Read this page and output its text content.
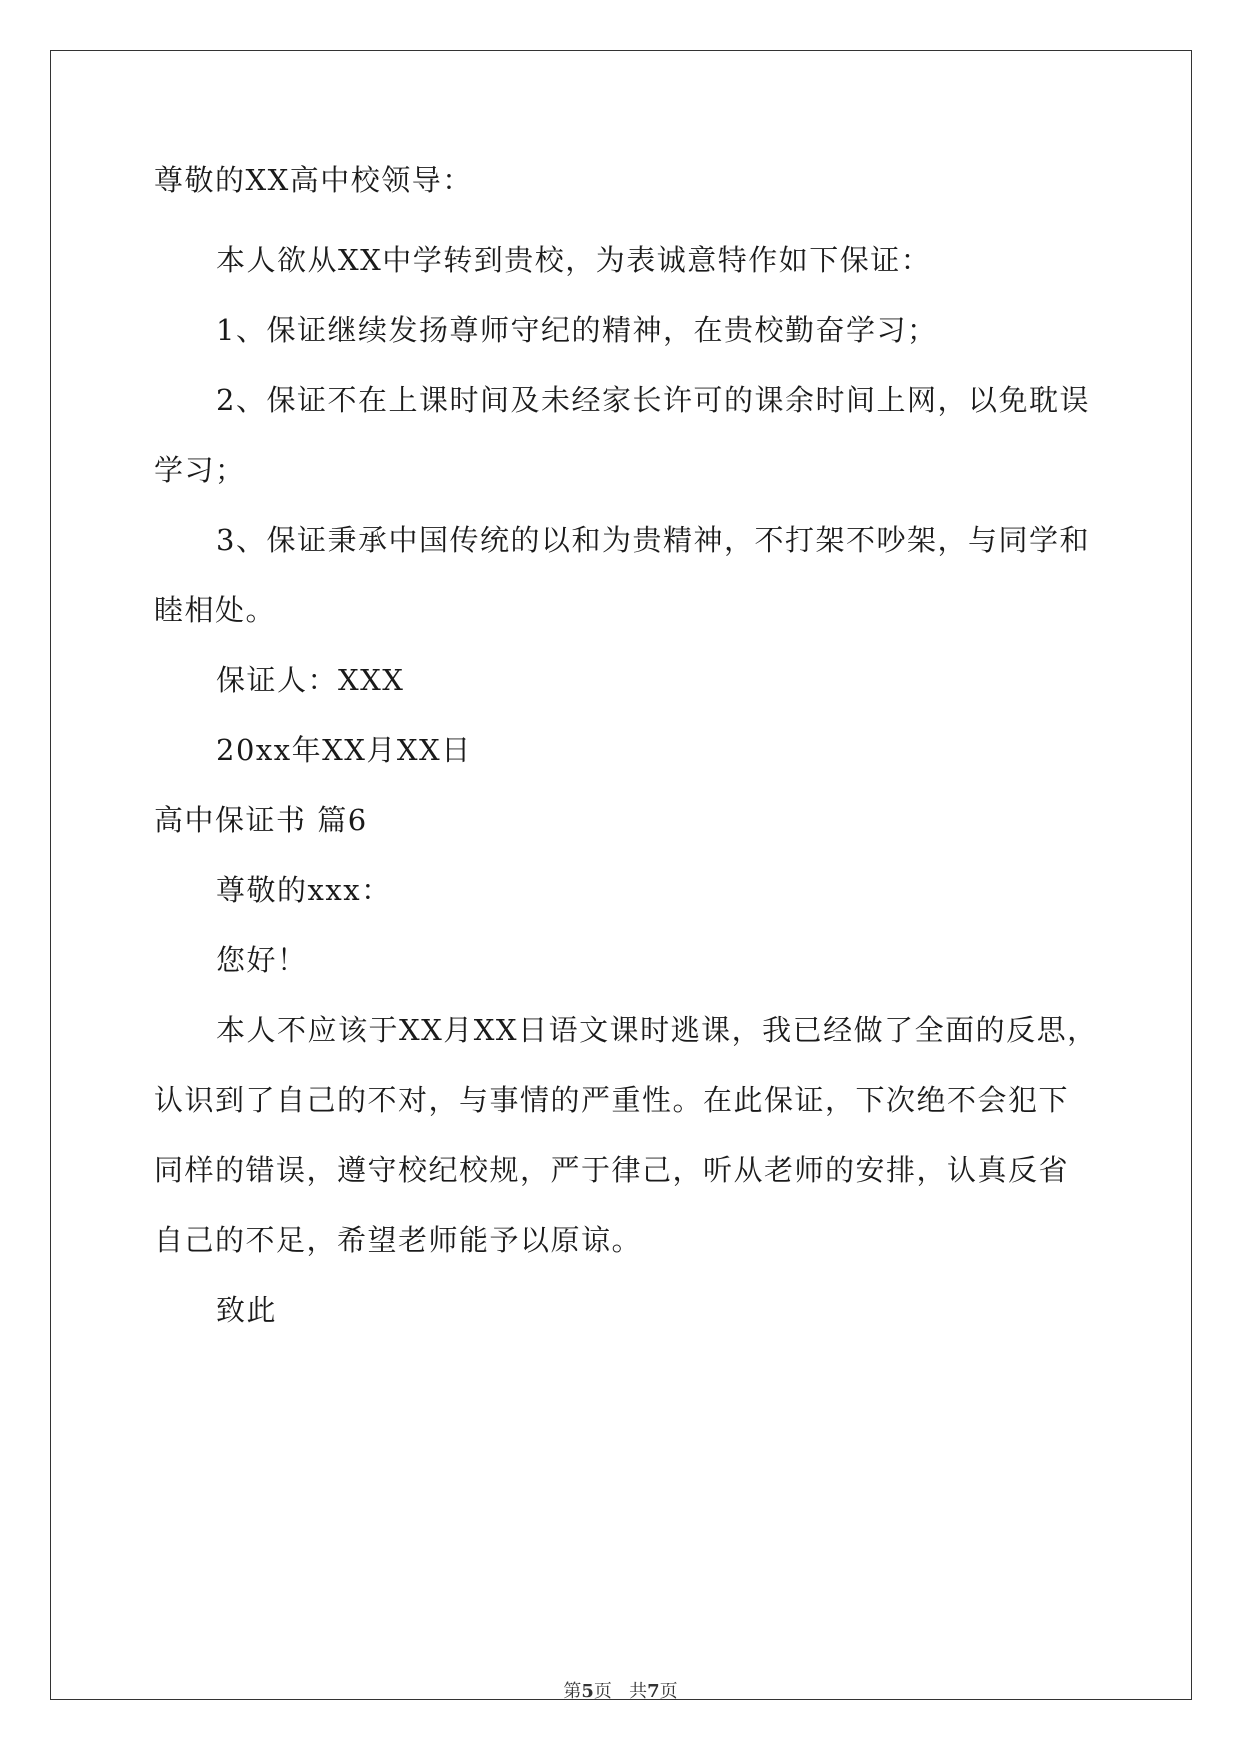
尊敬的XX高中校领导：
本人欲从XX中学转到贵校，为表诚意特作如下保证：
1、保证继续发扬尊师守纪的精神，在贵校勤奋学习；
2、保证不在上课时间及未经家长许可的课余时间上网，以免耽误
学习；
3、保证秉承中国传统的以和为贵精神，不打架不吵架，与同学和
睦相处。
保证人：XXX
20xx年XX月XX日
高中保证书 篇6
尊敬的xxx：
您好！
本人不应该于XX月XX日语文课时逃课，我已经做了全面的反思，
认识到了自己的不对，与事情的严重性。在此保证，下次绝不会犯下
同样的错误，遵守校纪校规，严于律己，听从老师的安排，认真反省
自己的不足，希望老师能予以原谅。
致此
第5页 共7页
